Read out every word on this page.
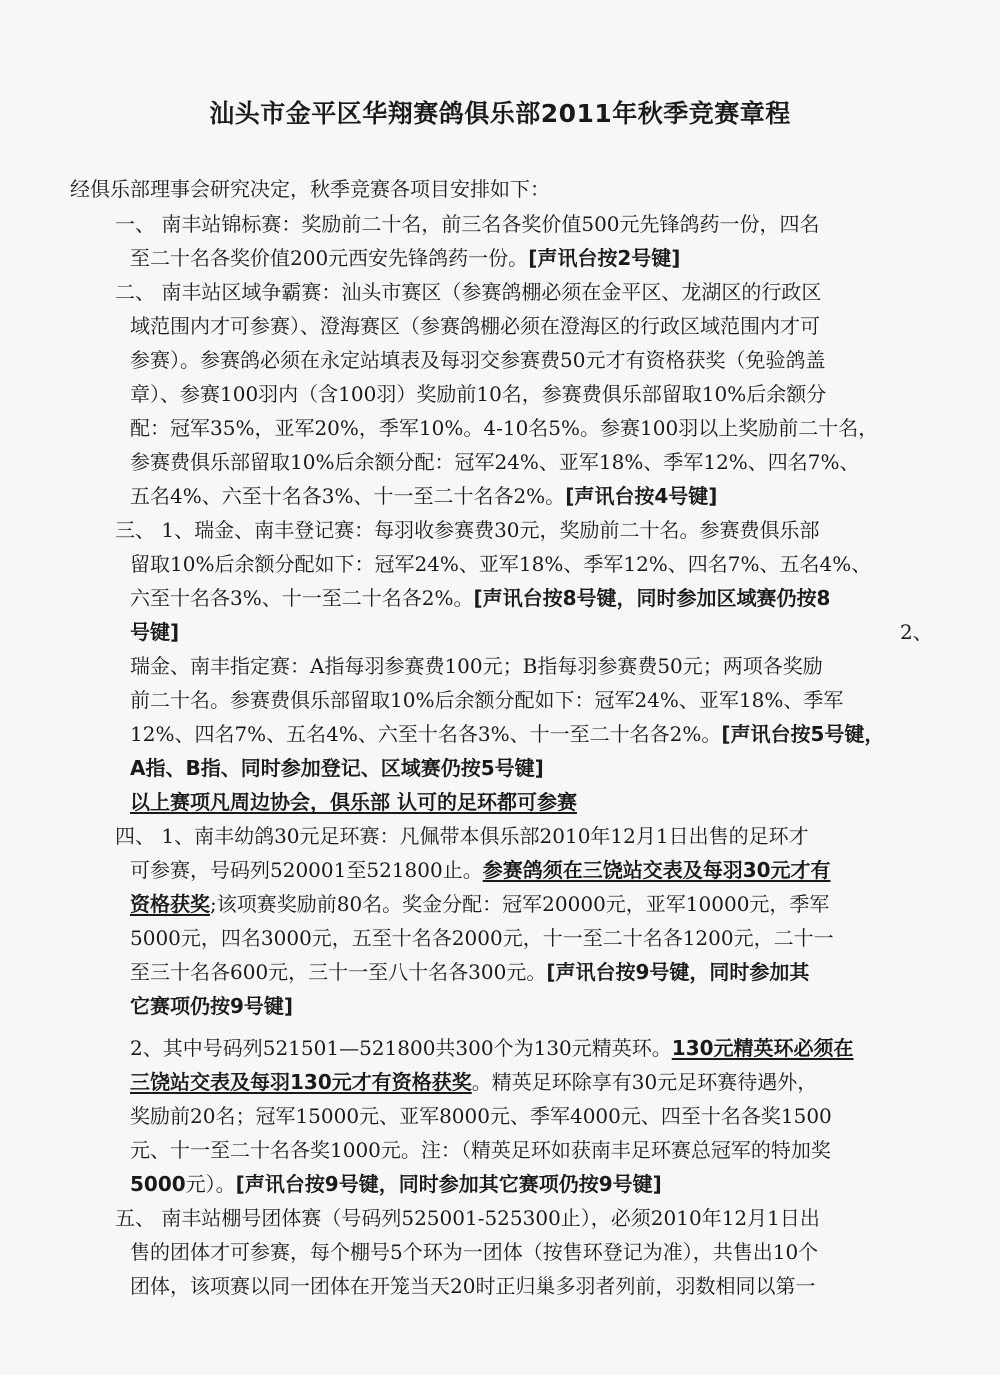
汕头市金平区华翔赛鸽俱乐部2011年秋季竞赛章程
经俱乐部理事会研究决定，秋季竞赛各项目安排如下：
一、 南丰站锦标赛：奖励前二十名，前三名各奖价值500元先锋鸽药一份，四名
至二十名各奖价值200元西安先锋鸽药一份。[声讯台按2号键]
二、 南丰站区域争霸赛：汕头市赛区（参赛鸽棚必须在金平区、龙湖区的行政区
域范围内才可参赛）、澄海赛区（参赛鸽棚必须在澄海区的行政区域范围内才可
参赛）。参赛鸽必须在永定站填表及每羽交参赛费50元才有资格获奖（免验鸽盖
章）、参赛100羽内（含100羽）奖励前10名，参赛费俱乐部留取10%后余额分
配：冠军35%，亚军20%，季军10%。4-10名5%。参赛100羽以上奖励前二十名，
参赛费俱乐部留取10%后余额分配：冠军24%、亚军18%、季军12%、四名7%、
五名4%、六至十名各3%、十一至二十名各2%。[声讯台按4号键]
三、 1、瑞金、南丰登记赛：每羽收参赛费30元，奖励前二十名。参赛费俱乐部
留取10%后余额分配如下：冠军24%、亚军18%、季军12%、四名7%、五名4%、
六至十名各3%、十一至二十名各2%。[声讯台按8号键，同时参加区域赛仍按8
号键]	2、
瑞金、南丰指定赛：A指每羽参赛费100元；B指每羽参赛费50元；两项各奖励
前二十名。参赛费俱乐部留取10%后余额分配如下：冠军24%、亚军18%、季军
12%、四名7%、五名4%、六至十名各3%、十一至二十名各2%。[声讯台按5号键，
A指、B指、同时参加登记、区域赛仍按5号键]
以上赛项凡周边协会，俱乐部 认可的足环都可参赛
四、 1、南丰幼鸽30元足环赛：凡佩带本俱乐部2010年12月1日出售的足环才
可参赛，号码列520001至521800止。参赛鸽须在三饶站交表及每羽30元才有
资格获奖;该项赛奖励前80名。奖金分配：冠军20000元，亚军10000元，季军
5000元，四名3000元，五至十名各2000元，十一至二十名各1200元，二十一
至三十名各600元，三十一至八十名各300元。[声讯台按9号键，同时参加其
它赛项仍按9号键]
2、其中号码列521501—521800共300个为130元精英环。130元精英环必须在
三饶站交表及每羽130元才有资格获奖。精英足环除享有30元足环赛待遇外，
奖励前20名；冠军15000元、亚军8000元、季军4000元、四至十名各奖1500
元、十一至二十名各奖1000元。注：（精英足环如获南丰足环赛总冠军的特加奖
5000元）。[声讯台按9号键，同时参加其它赛项仍按9号键]
五、 南丰站棚号团体赛（号码列525001-525300止），必须2010年12月1日出
售的团体才可参赛，每个棚号5个环为一团体（按售环登记为准），共售出10个
团体，该项赛以同一团体在开笼当天20时正归巢多羽者列前，羽数相同以第一
